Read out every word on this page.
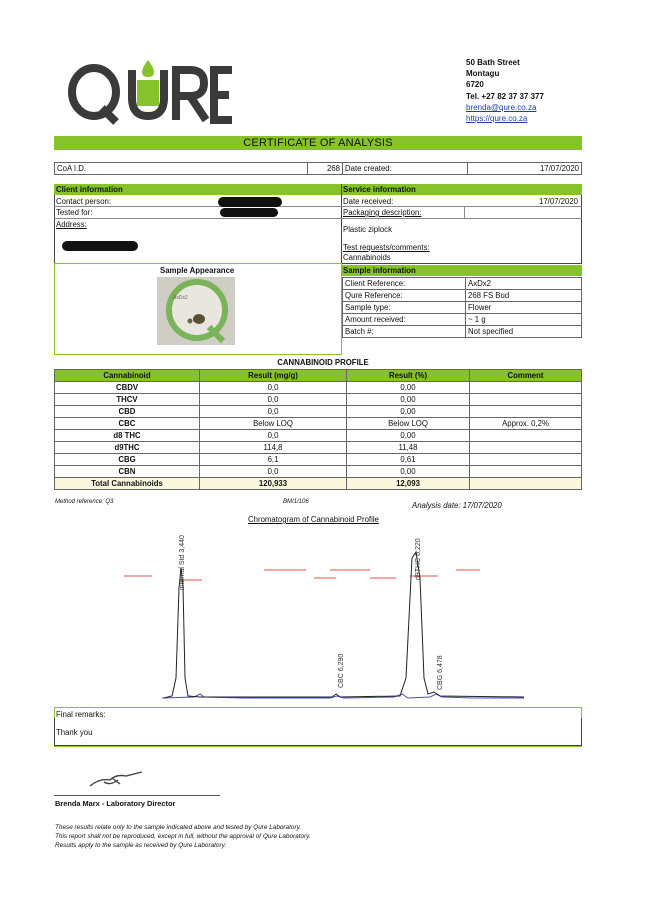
50 Bath Street
Montagu
6720
Tel. +27 82 37 37 377
brenda@qure.co.za
https://qure.co.za
CERTIFICATE OF ANALYSIS
CoA I.D.	268	Date created:	17/07/2020
Client information	Service information
Contact person:
Tested for:
Address:
Date received:	17/07/2020
Packaging description:
Plastic ziplock
Test requests/comments:
Cannabinoids
Sample Appearance
AxDx2
Sample information
Client Reference:	AxDx2
Qure Reference:	268 FS Bud
Sample type:	Flower
Amount received:	~ 1 g
Batch #:	Not specified
CANNABINOID PROFILE
Cannabinoid	Result (mg/g)	Result (%)	Comment
CBDV	0,0	0,00	
THCV	0,0	0,00	
CBD	0,0	0,00	
CBC	Below LOQ	Below LOQ	Approx. 0,2%
d8 THC	0,0	0,00	
d9THC	114,8	11,48	
CBG	6,1	0,61	
CBN	0,0	0,00	
Total Cannabinoids	120,933	12,093	
Method reference: Q3	BM/1/106	Analysis date: 17/07/2020
Chromatogram of Cannabinoid Profile
internal Std 3,440
CBC 6,290
d9THC 6,220
CBG 6,478
Final remarks:
Thank you
Brenda Marx - Laboratory Director
These results relate only to the sample indicated above and tested by Qure Laboratory.
This report shall not be reproduced, except in full, without the approval of Qure Laboratory.
Results apply to the sample as received by Qure Laboratory.
